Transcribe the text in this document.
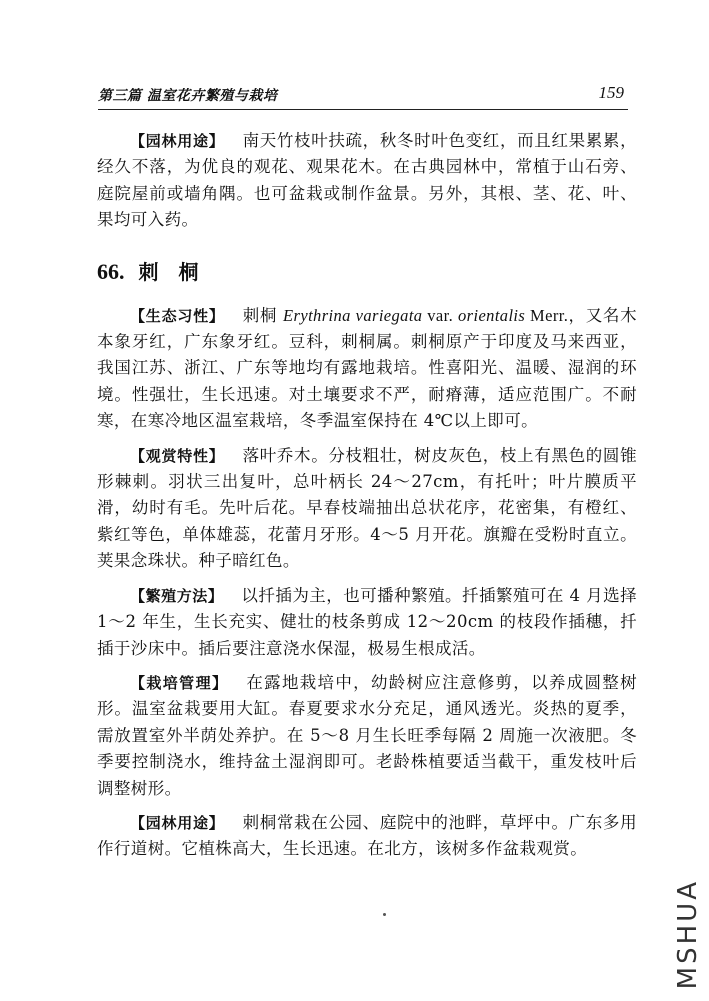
第三篇 温室花卉繁殖与栽培	159

【园林用途】 南天竹枝叶扶疏，秋冬时叶色变红，而且红果累累，经久不落，为优良的观花、观果花木。在古典园林中，常植于山石旁、庭院屋前或墙角隅。也可盆栽或制作盆景。另外，其根、茎、花、叶、果均可入药。

66. 刺桐

【生态习性】 刺桐 Erythrina variegata var. orientalis Merr.，又名木本象牙红，广东象牙红。豆科，刺桐属。刺桐原产于印度及马来西亚，我国江苏、浙江、广东等地均有露地栽培。性喜阳光、温暖、湿润的环境。性强壮，生长迅速。对土壤要求不严，耐瘠薄，适应范围广。不耐寒，在寒冷地区温室栽培，冬季温室保持在 4℃以上即可。

【观赏特性】 落叶乔木。分枝粗壮，树皮灰色，枝上有黑色的圆锥形棘刺。羽状三出复叶，总叶柄长 24～27cm，有托叶；叶片膜质平滑，幼时有毛。先叶后花。早春枝端抽出总状花序，花密集，有橙红、紫红等色，单体雄蕊，花蕾月牙形。4～5 月开花。旗瓣在受粉时直立。荚果念珠状。种子暗红色。

【繁殖方法】 以扦插为主，也可播种繁殖。扦插繁殖可在 4 月选择 1～2 年生，生长充实、健壮的枝条剪成 12～20cm 的枝段作插穗，扦插于沙床中。插后要注意浇水保湿，极易生根成活。

【栽培管理】 在露地栽培中，幼龄树应注意修剪，以养成圆整树形。温室盆栽要用大缸。春夏要求水分充足，通风透光。炎热的夏季，需放置室外半荫处养护。在 5～8 月生长旺季每隔 2 周施一次液肥。冬季要控制浇水，维持盆土湿润即可。老龄株植要适当截干，重发枝叶后调整树形。

【园林用途】 刺桐常栽在公园、庭院中的池畔，草坪中。广东多用作行道树。它植株高大，生长迅速。在北方，该树多作盆栽观赏。

MSHUA
